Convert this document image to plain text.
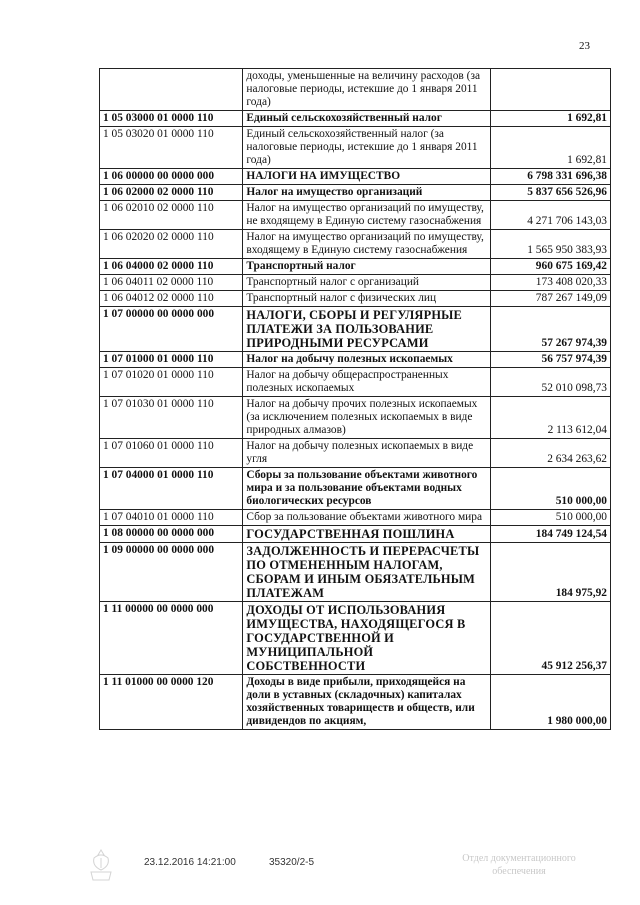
23
	доходы, уменьшенные на величину расходов (за налоговые периоды, истекшие до 1 января 2011 года)	
1 05 03000 01 0000 110	Единый сельскохозяйственный налог	1 692,81
1 05 03020 01 0000 110	Единый сельскохозяйственный налог (за налоговые периоды, истекшие до 1 января 2011 года)	1 692,81
1 06 00000 00 0000 000	НАЛОГИ НА ИМУЩЕСТВО	6 798 331 696,38
1 06 02000 02 0000 110	Налог на имущество организаций	5 837 656 526,96
1 06 02010 02 0000 110	Налог на имущество организаций по имуществу, не входящему в Единую систему газоснабжения	4 271 706 143,03
1 06 02020 02 0000 110	Налог на имущество организаций по имуществу, входящему в Единую систему газоснабжения	1 565 950 383,93
1 06 04000 02 0000 110	Транспортный налог	960 675 169,42
1 06 04011 02 0000 110	Транспортный налог с организаций	173 408 020,33
1 06 04012 02 0000 110	Транспортный налог с физических лиц	787 267 149,09
1 07 00000 00 0000 000	НАЛОГИ, СБОРЫ И РЕГУЛЯРНЫЕ ПЛАТЕЖИ ЗА ПОЛЬЗОВАНИЕ ПРИРОДНЫМИ РЕСУРСАМИ	57 267 974,39
1 07 01000 01 0000 110	Налог на добычу полезных ископаемых	56 757 974,39
1 07 01020 01 0000 110	Налог на добычу общераспространенных полезных ископаемых	52 010 098,73
1 07 01030 01 0000 110	Налог на добычу прочих полезных ископаемых (за исключением полезных ископаемых в виде природных алмазов)	2 113 612,04
1 07 01060 01 0000 110	Налог на добычу полезных ископаемых в виде угля	2 634 263,62
1 07 04000 01 0000 110	Сборы за пользование объектами животного мира и за пользование объектами водных биологических ресурсов	510 000,00
1 07 04010 01 0000 110	Сбор за пользование объектами животного мира	510 000,00
1 08 00000 00 0000 000	ГОСУДАРСТВЕННАЯ ПОШЛИНА	184 749 124,54
1 09 00000 00 0000 000	ЗАДОЛЖЕННОСТЬ И ПЕРЕРАСЧЕТЫ ПО ОТМЕНЕННЫМ НАЛОГАМ, СБОРАМ И ИНЫМ ОБЯЗАТЕЛЬНЫМ ПЛАТЕЖАМ	184 975,92
1 11 00000 00 0000 000	ДОХОДЫ ОТ ИСПОЛЬЗОВАНИЯ ИМУЩЕСТВА, НАХОДЯЩЕГОСЯ В ГОСУДАРСТВЕННОЙ И МУНИЦИПАЛЬНОЙ СОБСТВЕННОСТИ	45 912 256,37
1 11 01000 00 0000 120	Доходы в виде прибыли, приходящейся на доли в уставных (складочных) капиталах хозяйственных товариществ и обществ, или дивидендов по акциям,	1 980 000,00
23.12.2016 14:21:00	35320/2-5	Отдел документационного
обеспечения
